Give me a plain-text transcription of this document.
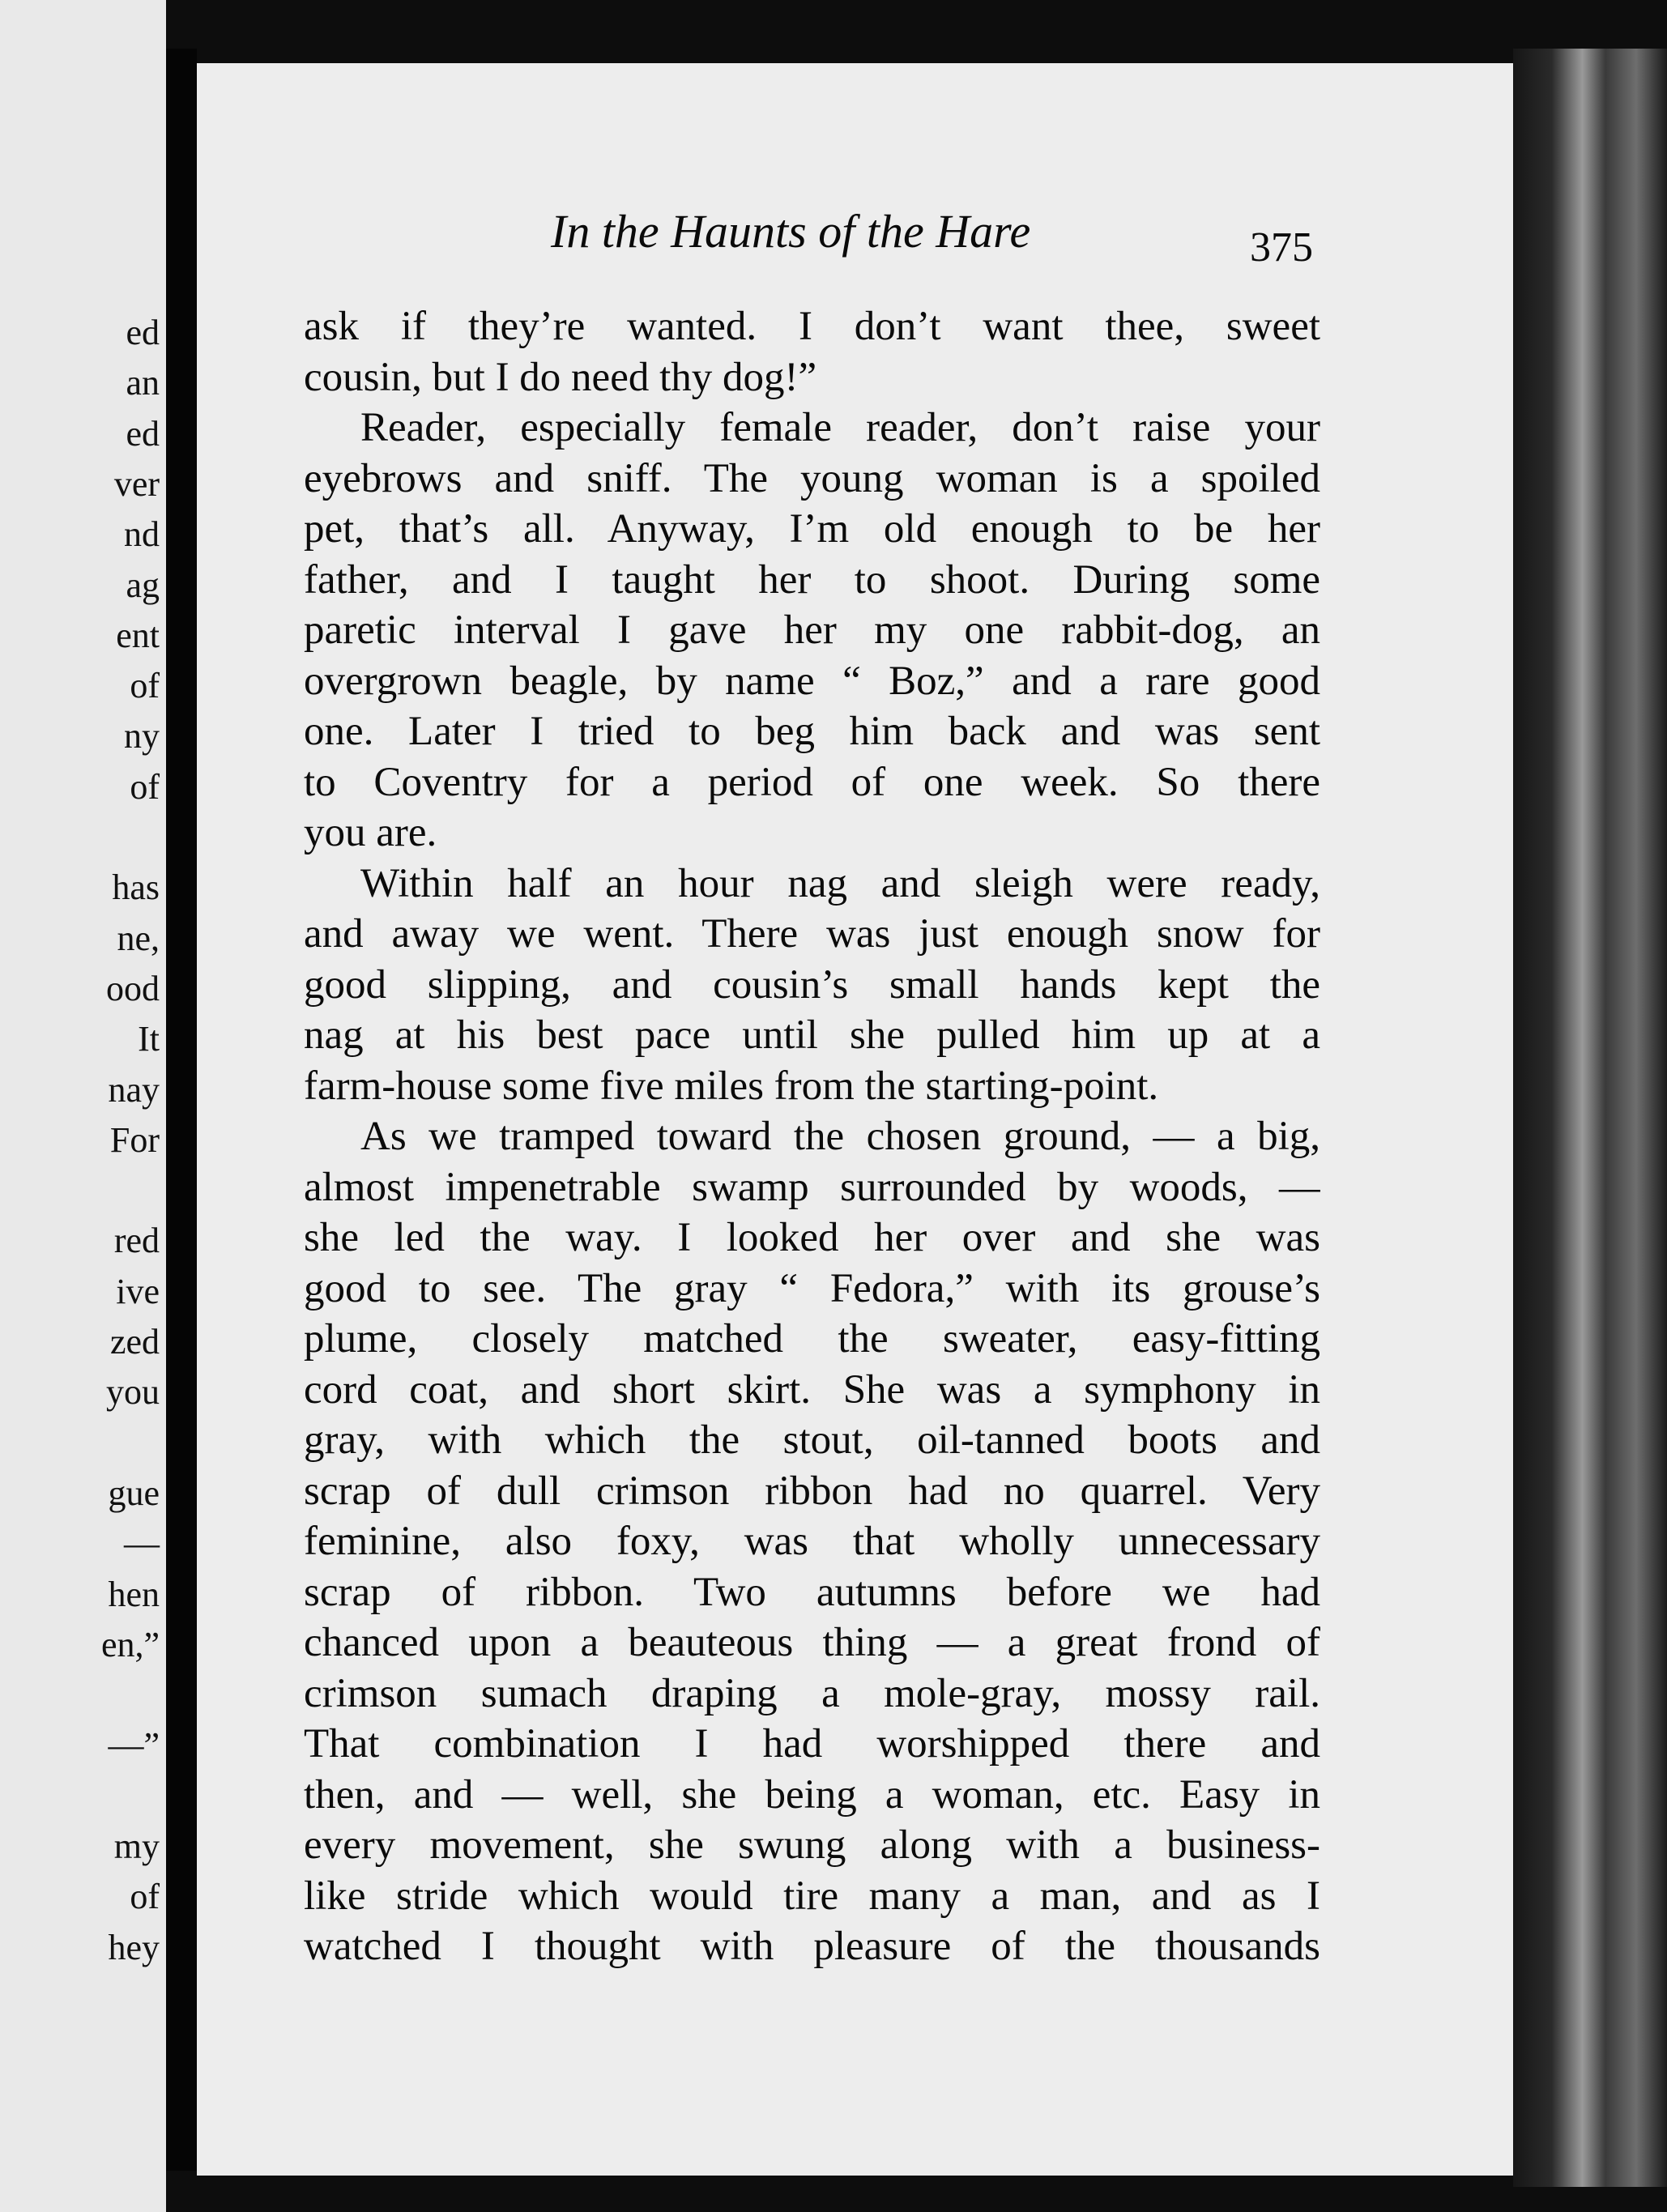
ed
an
ed
ver
nd
ag
ent
of
ny
of
has
ne,
ood
It
nay
For
red
ive
zed
you
gue
—
hen
en,”
—”
my
of
hey
In the Haunts of the Hare	375
ask if they’re wanted. I don’t want thee, sweet
cousin, but I do need thy dog!”
Reader, especially female reader, don’t raise your
eyebrows and sniff. The young woman is a spoiled
pet, that’s all. Anyway, I’m old enough to be her
father, and I taught her to shoot. During some
paretic interval I gave her my one rabbit-dog, an
overgrown beagle, by name “ Boz,” and a rare good
one. Later I tried to beg him back and was sent
to Coventry for a period of one week. So there
you are.
Within half an hour nag and sleigh were ready,
and away we went. There was just enough snow for
good slipping, and cousin’s small hands kept the
nag at his best pace until she pulled him up at a
farm-house some five miles from the starting-point.
As we tramped toward the chosen ground, — a big,
almost impenetrable swamp surrounded by woods, —
she led the way. I looked her over and she was
good to see. The gray “ Fedora,” with its grouse’s
plume, closely matched the sweater, easy-fitting
cord coat, and short skirt. She was a symphony in
gray, with which the stout, oil-tanned boots and
scrap of dull crimson ribbon had no quarrel. Very
feminine, also foxy, was that wholly unnecessary
scrap of ribbon. Two autumns before we had
chanced upon a beauteous thing — a great frond of
crimson sumach draping a mole-gray, mossy rail.
That combination I had worshipped there and
then, and — well, she being a woman, etc. Easy in
every movement, she swung along with a business-
like stride which would tire many a man, and as I
watched I thought with pleasure of the thousands
